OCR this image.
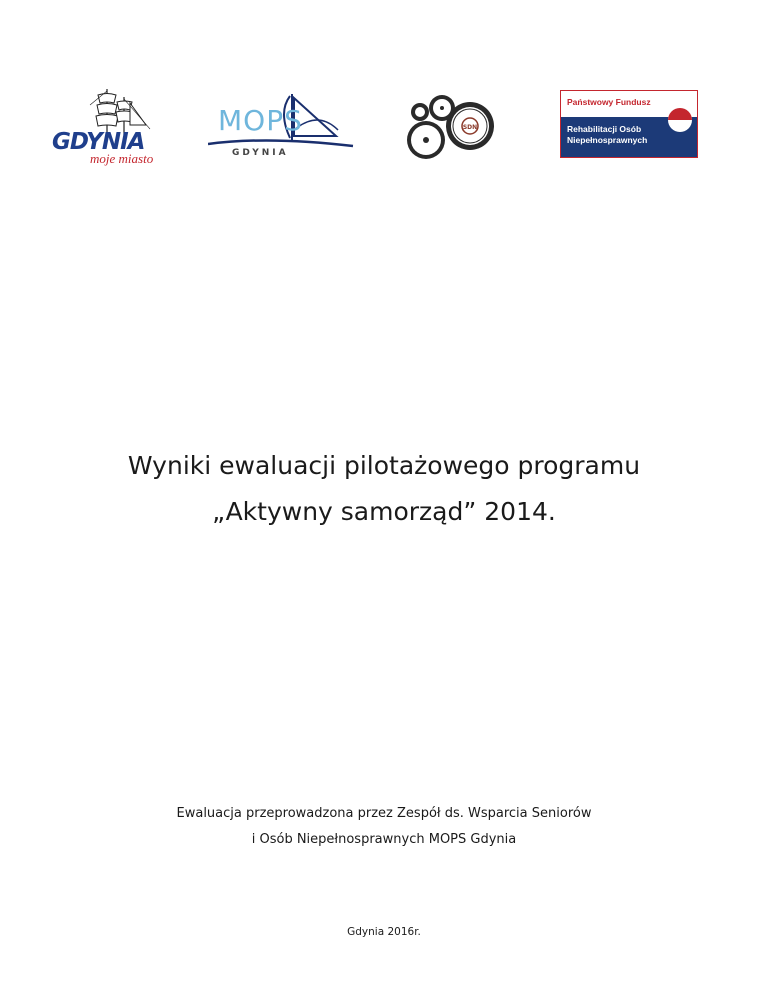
GDYNIA
moje miasto
MOPS
GDYNIA
SDN
Państwowy Fundusz
Rehabilitacji Osób Niepełnosprawnych
Wyniki ewaluacji pilotażowego programu
„Aktywny samorząd” 2014.
Ewaluacja przeprowadzona przez Zespół ds. Wsparcia Seniorów
i Osób Niepełnosprawnych MOPS Gdynia
Gdynia 2016r.
